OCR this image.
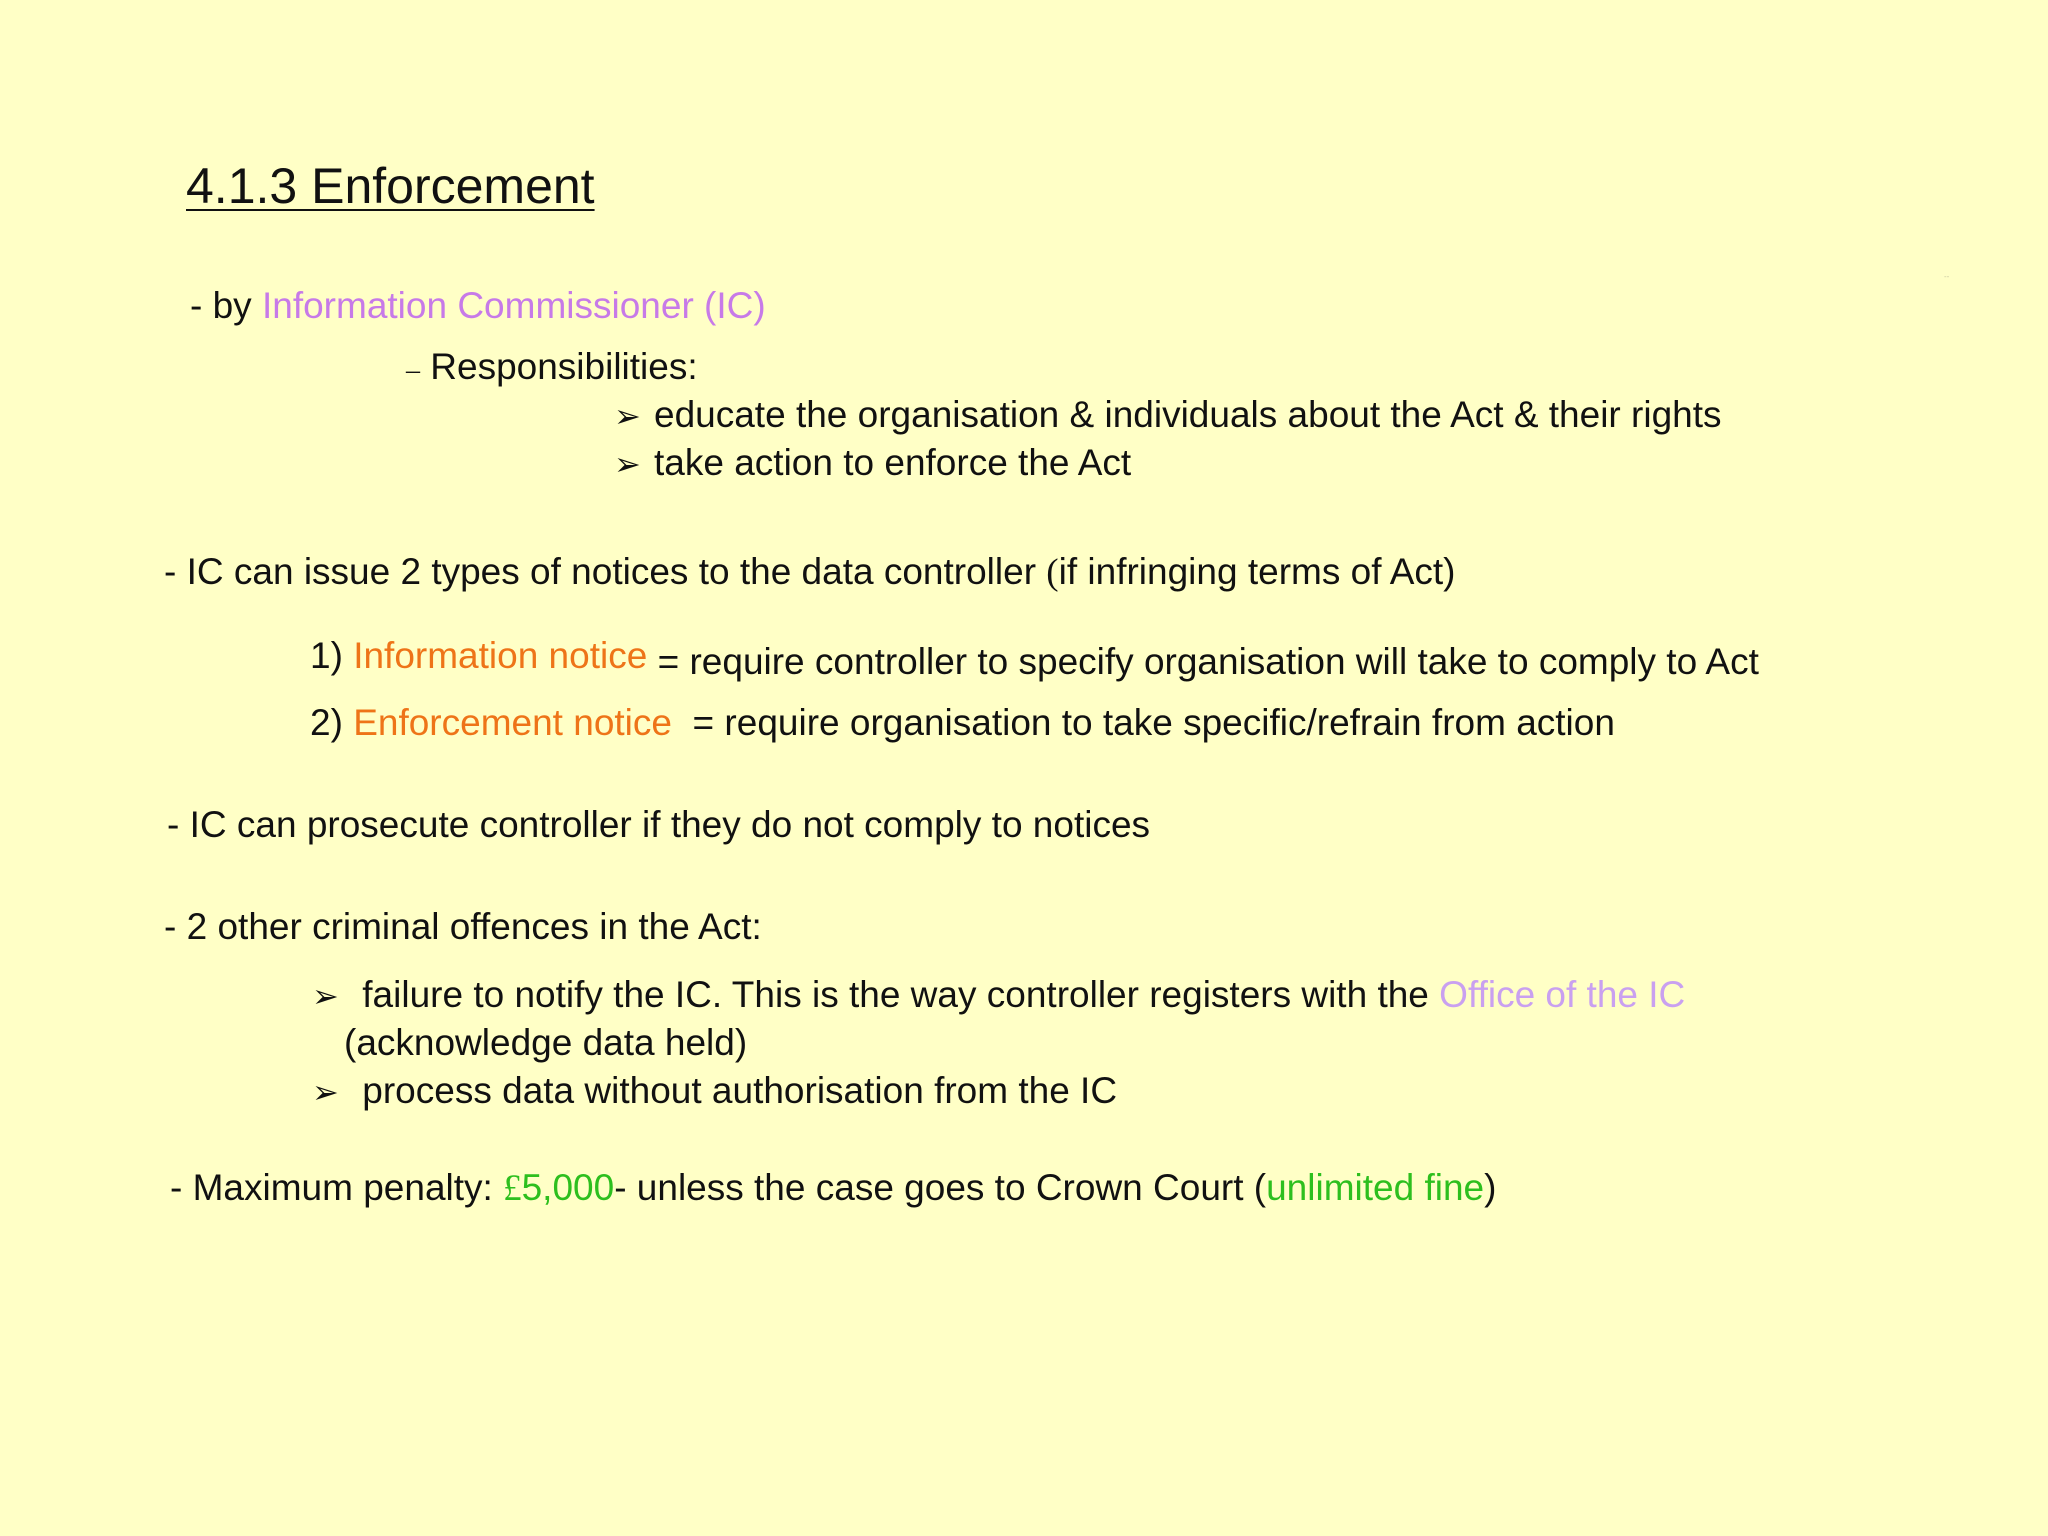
4.1.3 Enforcement
--
- by Information Commissioner (IC)
– Responsibilities:
➢ educate the organisation & individuals about the Act & their rights
➢ take action to enforce the Act
- IC can issue 2 types of notices to the data controller (if infringing terms of Act)
1) Information notice = require controller to specify organisation will take to comply to Act
2) Enforcement notice  = require organisation to take specific/refrain from action
- IC can prosecute controller if they do not comply to notices
- 2 other criminal offences in the Act:
➢ failure to notify the IC. This is the way controller registers with the Office of the IC
(acknowledge data held)
➢ process data without authorisation from the IC
- Maximum penalty: £5,000- unless the case goes to Crown Court (unlimited fine)
